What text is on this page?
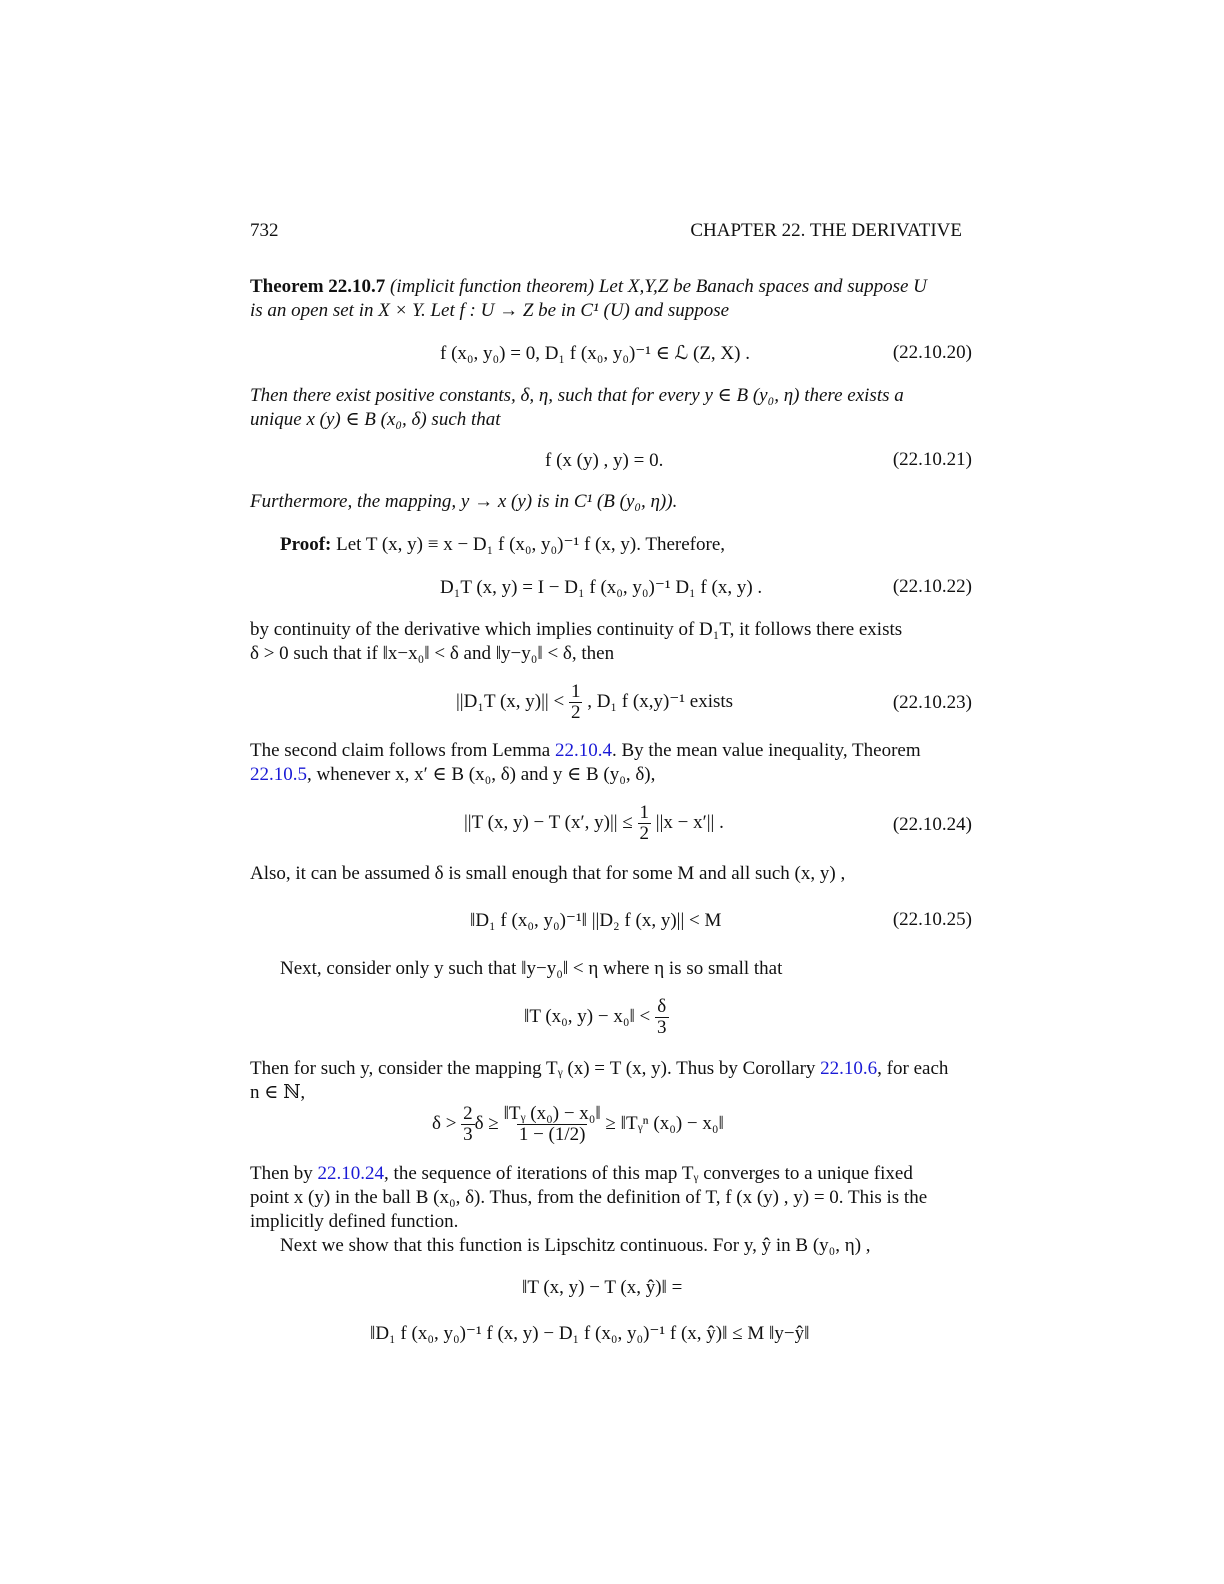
732	CHAPTER 22. THE DERIVATIVE
Theorem 22.10.7 (implicit function theorem) Let X,Y,Z be Banach spaces and suppose U
is an open set in X × Y. Let f : U → Z be in C¹ (U) and suppose
f (x₀, y₀) = 0, D₁ f (x₀, y₀)⁻¹ ∈ ℒ (Z, X) .	(22.10.20)
Then there exist positive constants, δ, η, such that for every y ∈ B (y₀, η) there exists a
unique x (y) ∈ B (x₀, δ) such that
f (x (y) , y) = 0.	(22.10.21)
Furthermore, the mapping, y → x (y) is in C¹ (B (y₀, η)).
Proof: Let T (x, y) ≡ x − D₁ f (x₀, y₀)⁻¹ f (x, y). Therefore,
D₁T (x, y) = I − D₁ f (x₀, y₀)⁻¹ D₁ f (x, y) .	(22.10.22)
by continuity of the derivative which implies continuity of D₁T, it follows there exists
δ > 0 such that if ‖x−x₀‖ < δ and ‖y−y₀‖ < δ, then
||D₁T (x, $y)|| < \frac{1}{2}$ , D₁ f (x,y)⁻¹ exists	(22.10.23)
The second claim follows from Lemma 22.10.4. By the mean value inequality, Theorem
22.10.5, whenever x, x′ ∈ B (x₀, δ) and y ∈ B (y₀, δ),
||T (x, y) − T (x′, $y)|| \le \frac{1}{2} ||x - x'||$ .	(22.10.24)
Also, it can be assumed δ is small enough that for some M and all such (x, y) ,
‖D₁ f (x₀, y₀)⁻¹‖ ||D₂ f (x, y)|| < M	(22.10.25)
Next, consider only y such that ‖y−y₀‖ < η where η is so small that
‖T (x₀, y) − x₀‖ < $\frac{\delta}{3}$
Then for such y, consider the mapping Tᵧ (x) = T (x, y). Thus by Corollary 22.10.6, for each
n ∈ ℕ,
$\delta > \frac{2}{3}$ $\delta \ge \frac{\text{‖Tᵧ (x₀) − x₀‖}}{1 - (1/2)}$ ≥ ‖Tᵧⁿ (x₀) − x₀‖
Then by 22.10.24, the sequence of iterations of this map Tᵧ converges to a unique fixed
point x (y) in the ball B (x₀, δ). Thus, from the definition of T, f (x (y) , y) = 0. This is the
implicitly defined function.
Next we show that this function is Lipschitz continuous. For y, ŷ in B (y₀, η) ,
‖T (x, y) − T (x, ŷ)‖ =
‖D₁ f (x₀, y₀)⁻¹ f (x, y) − D₁ f (x₀, y₀)⁻¹ f (x, ŷ)‖ ≤ M ‖y−ŷ‖
